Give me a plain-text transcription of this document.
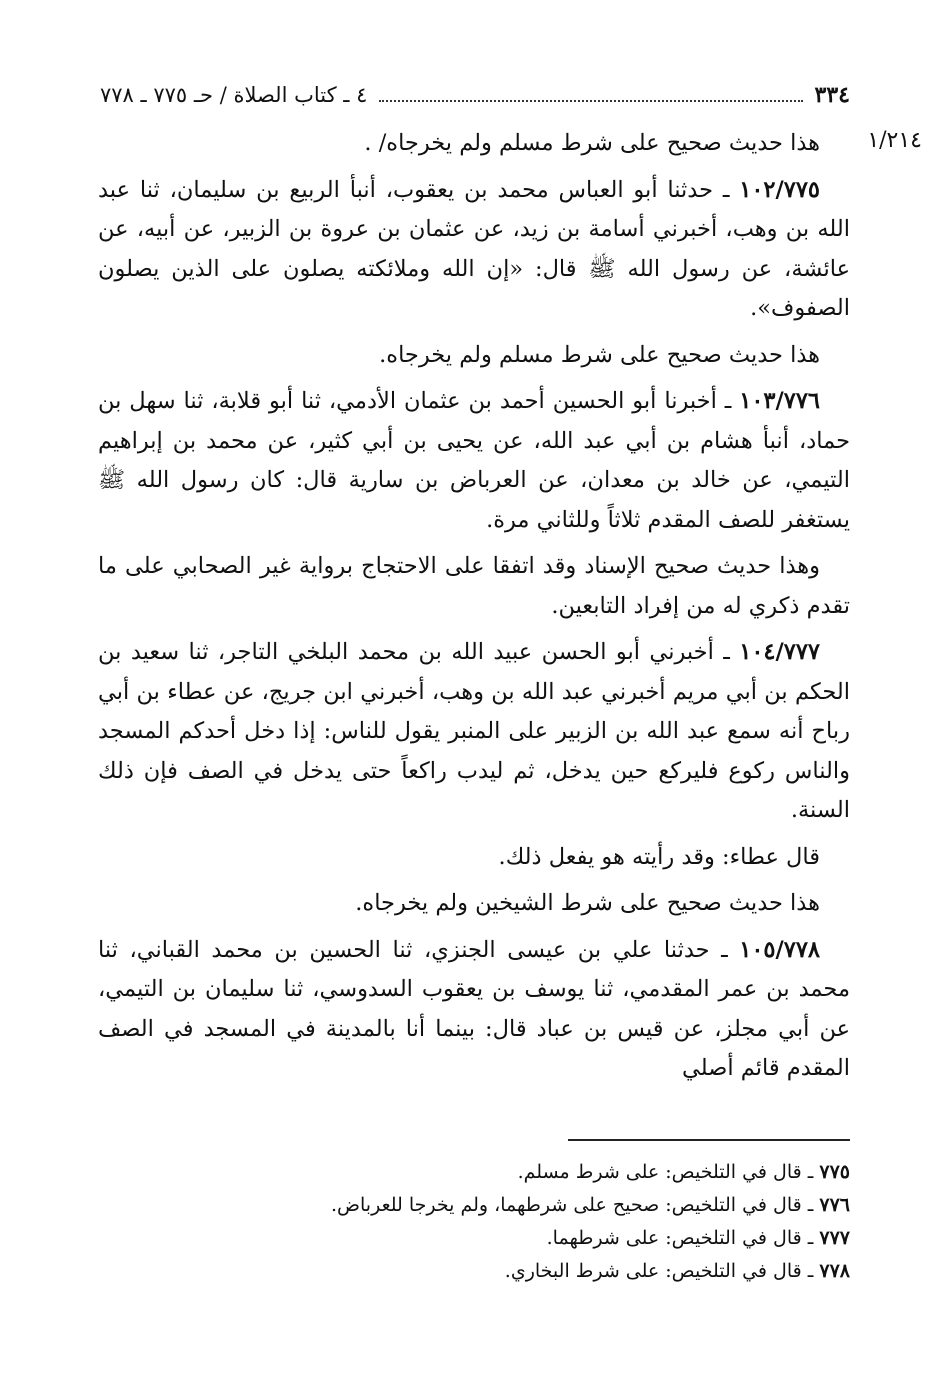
٣٣٤
٤ ـ كتاب الصلاة / حـ ٧٧٥ ـ ٧٧٨
١/٢١٤

هذا حديث صحيح على شرط مسلم ولم يخرجاه/ .

١٠٢/٧٧٥ ـ حدثنا أبو العباس محمد بن يعقوب، أنبأ الربيع بن سليمان، ثنا عبد الله بن وهب، أخبرني أسامة بن زيد، عن عثمان بن عروة بن الزبير، عن أبيه، عن عائشة، عن رسول الله ﷺ قال: «إن الله وملائكته يصلون على الذين يصلون الصفوف».

هذا حديث صحيح على شرط مسلم ولم يخرجاه.

١٠٣/٧٧٦ ـ أخبرنا أبو الحسين أحمد بن عثمان الأدمي، ثنا أبو قلابة، ثنا سهل بن حماد، أنبأ هشام بن أبي عبد الله، عن يحيى بن أبي كثير، عن محمد بن إبراهيم التيمي، عن خالد بن معدان، عن العرباض بن سارية قال: كان رسول الله ﷺ يستغفر للصف المقدم ثلاثاً وللثاني مرة.

وهذا حديث صحيح الإسناد وقد اتفقا على الاحتجاج برواية غير الصحابي على ما تقدم ذكري له من إفراد التابعين.

١٠٤/٧٧٧ ـ أخبرني أبو الحسن عبيد الله بن محمد البلخي التاجر، ثنا سعيد بن الحكم بن أبي مريم أخبرني عبد الله بن وهب، أخبرني ابن جريج، عن عطاء بن أبي رباح أنه سمع عبد الله بن الزبير على المنبر يقول للناس: إذا دخل أحدكم المسجد والناس ركوع فليركع حين يدخل، ثم ليدب راكعاً حتى يدخل في الصف فإن ذلك السنة.

قال عطاء: وقد رأيته هو يفعل ذلك.

هذا حديث صحيح على شرط الشيخين ولم يخرجاه.

١٠٥/٧٧٨ ـ حدثنا علي بن عيسى الجنزي، ثنا الحسين بن محمد القباني، ثنا محمد بن عمر المقدمي، ثنا يوسف بن يعقوب السدوسي، ثنا سليمان بن التيمي، عن أبي مجلز، عن قيس بن عباد قال: بينما أنا بالمدينة في المسجد في الصف المقدم قائم أصلي

٧٧٥ ـ قال في التلخيص: على شرط مسلم.
٧٧٦ ـ قال في التلخيص: صحيح على شرطهما، ولم يخرجا للعرباض.
٧٧٧ ـ قال في التلخيص: على شرطهما.
٧٧٨ ـ قال في التلخيص: على شرط البخاري.
